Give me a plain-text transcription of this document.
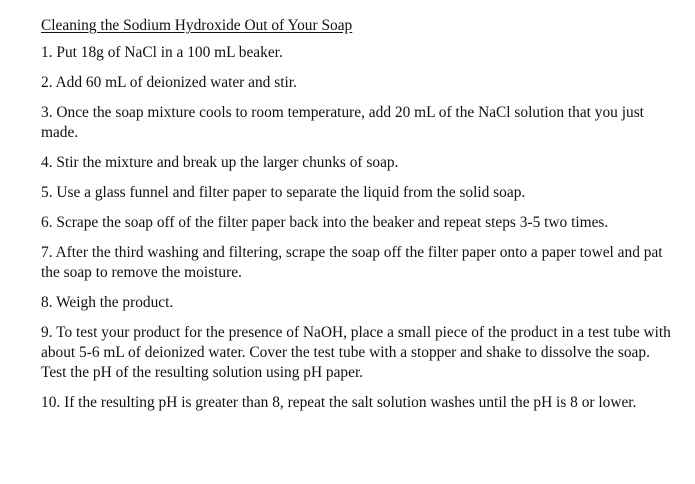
Cleaning the Sodium Hydroxide Out of Your Soap
1. Put 18g of NaCl in a 100 mL beaker.
2. Add 60 mL of deionized water and stir.
3. Once the soap mixture cools to room temperature, add 20 mL of the NaCl solution that you just made.
4. Stir the mixture and break up the larger chunks of soap.
5. Use a glass funnel and filter paper to separate the liquid from the solid soap.
6. Scrape the soap off of the filter paper back into the beaker and repeat steps 3-5 two times.
7. After the third washing and filtering, scrape the soap off the filter paper onto a paper towel and pat the soap to remove the moisture.
8. Weigh the product.
9. To test your product for the presence of NaOH, place a small piece of the product in a test tube with about 5-6 mL of deionized water. Cover the test tube with a stopper and shake to dissolve the soap. Test the pH of the resulting solution using pH paper.
10. If the resulting pH is greater than 8, repeat the salt solution washes until the pH is 8 or lower.
